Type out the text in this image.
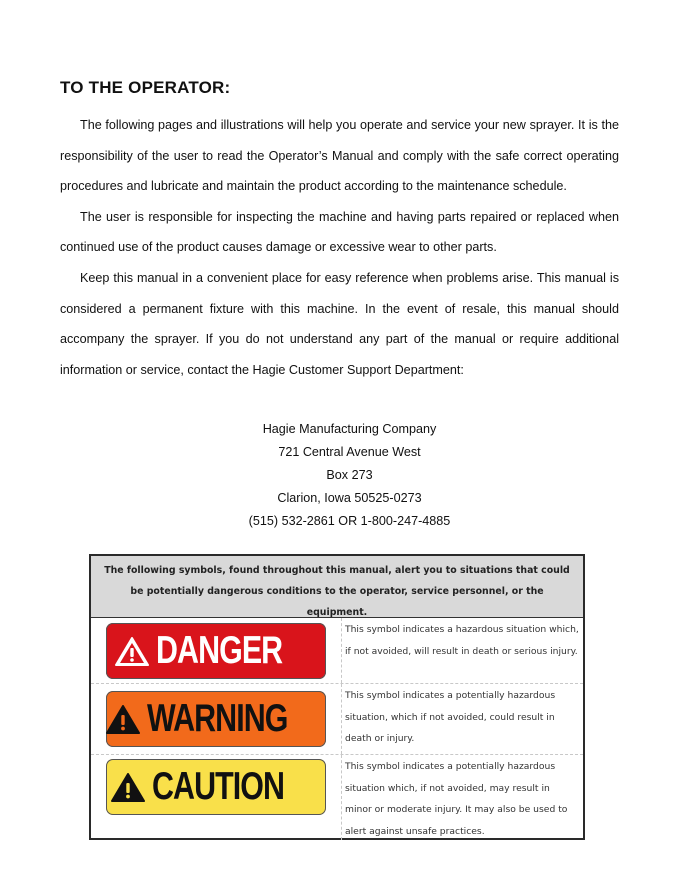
TO THE OPERATOR:

The following pages and illustrations will help you operate and service your new sprayer. It is the responsibility of the user to read the Operator’s Manual and comply with the safe correct operating procedures and lubricate and maintain the product according to the maintenance schedule.

The user is responsible for inspecting the machine and having parts repaired or replaced when continued use of the product causes damage or excessive wear to other parts.

Keep this manual in a convenient place for easy reference when problems arise. This manual is considered a permanent fixture with this machine. In the event of resale, this manual should accompany the sprayer. If you do not understand any part of the manual or require additional information or service, contact the Hagie Customer Support Department:

Hagie Manufacturing Company
721 Central Avenue West
Box 273
Clarion, Iowa 50525-0273
(515) 532-2861 OR 1-800-247-4885
The following symbols, found throughout this manual, alert you to situations that could be potentially dangerous conditions to the operator, service personnel, or the equipment.
DANGER	This symbol indicates a hazardous situation which, if not avoided, will result in death or serious injury.
WARNING
This symbol indicates a potentially hazardous situation, which if not avoided, could result in death or injury.
CAUTION	This symbol indicates a potentially hazardous situation which, if not avoided, may result in minor or moderate injury. It may also be used to alert against unsafe practices.
